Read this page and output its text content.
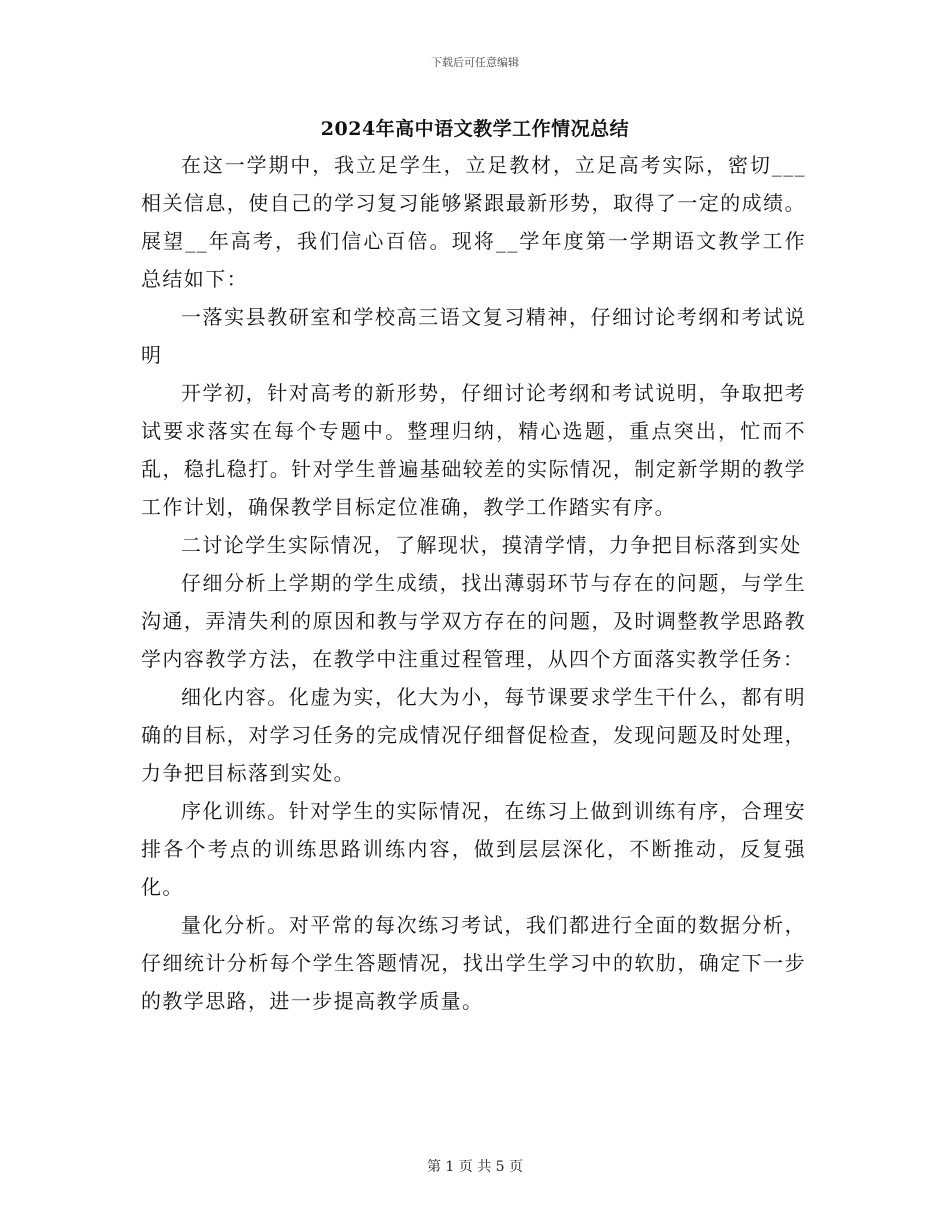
下载后可任意编辑
2024年高中语文教学工作情况总结

在这一学期中，我立足学生，立足教材，立足高考实际，密切___相关信息，使自己的学习复习能够紧跟最新形势，取得了一定的成绩。展望__年高考，我们信心百倍。现将__学年度第一学期语文教学工作总结如下：

一落实县教研室和学校高三语文复习精神，仔细讨论考纲和考试说明

开学初，针对高考的新形势，仔细讨论考纲和考试说明，争取把考试要求落实在每个专题中。整理归纳，精心选题，重点突出，忙而不乱，稳扎稳打。针对学生普遍基础较差的实际情况，制定新学期的教学工作计划，确保教学目标定位准确，教学工作踏实有序。

二讨论学生实际情况，了解现状，摸清学情，力争把目标落到实处

仔细分析上学期的学生成绩，找出薄弱环节与存在的问题，与学生沟通，弄清失利的原因和教与学双方存在的问题，及时调整教学思路教学内容教学方法，在教学中注重过程管理，从四个方面落实教学任务：

细化内容。化虚为实，化大为小，每节课要求学生干什么，都有明确的目标，对学习任务的完成情况仔细督促检查，发现问题及时处理，力争把目标落到实处。

序化训练。针对学生的实际情况，在练习上做到训练有序，合理安排各个考点的训练思路训练内容，做到层层深化，不断推动，反复强化。

量化分析。对平常的每次练习考试，我们都进行全面的数据分析，仔细统计分析每个学生答题情况，找出学生学习中的软肋，确定下一步的教学思路，进一步提高教学质量。

第 1 页 共 5 页
